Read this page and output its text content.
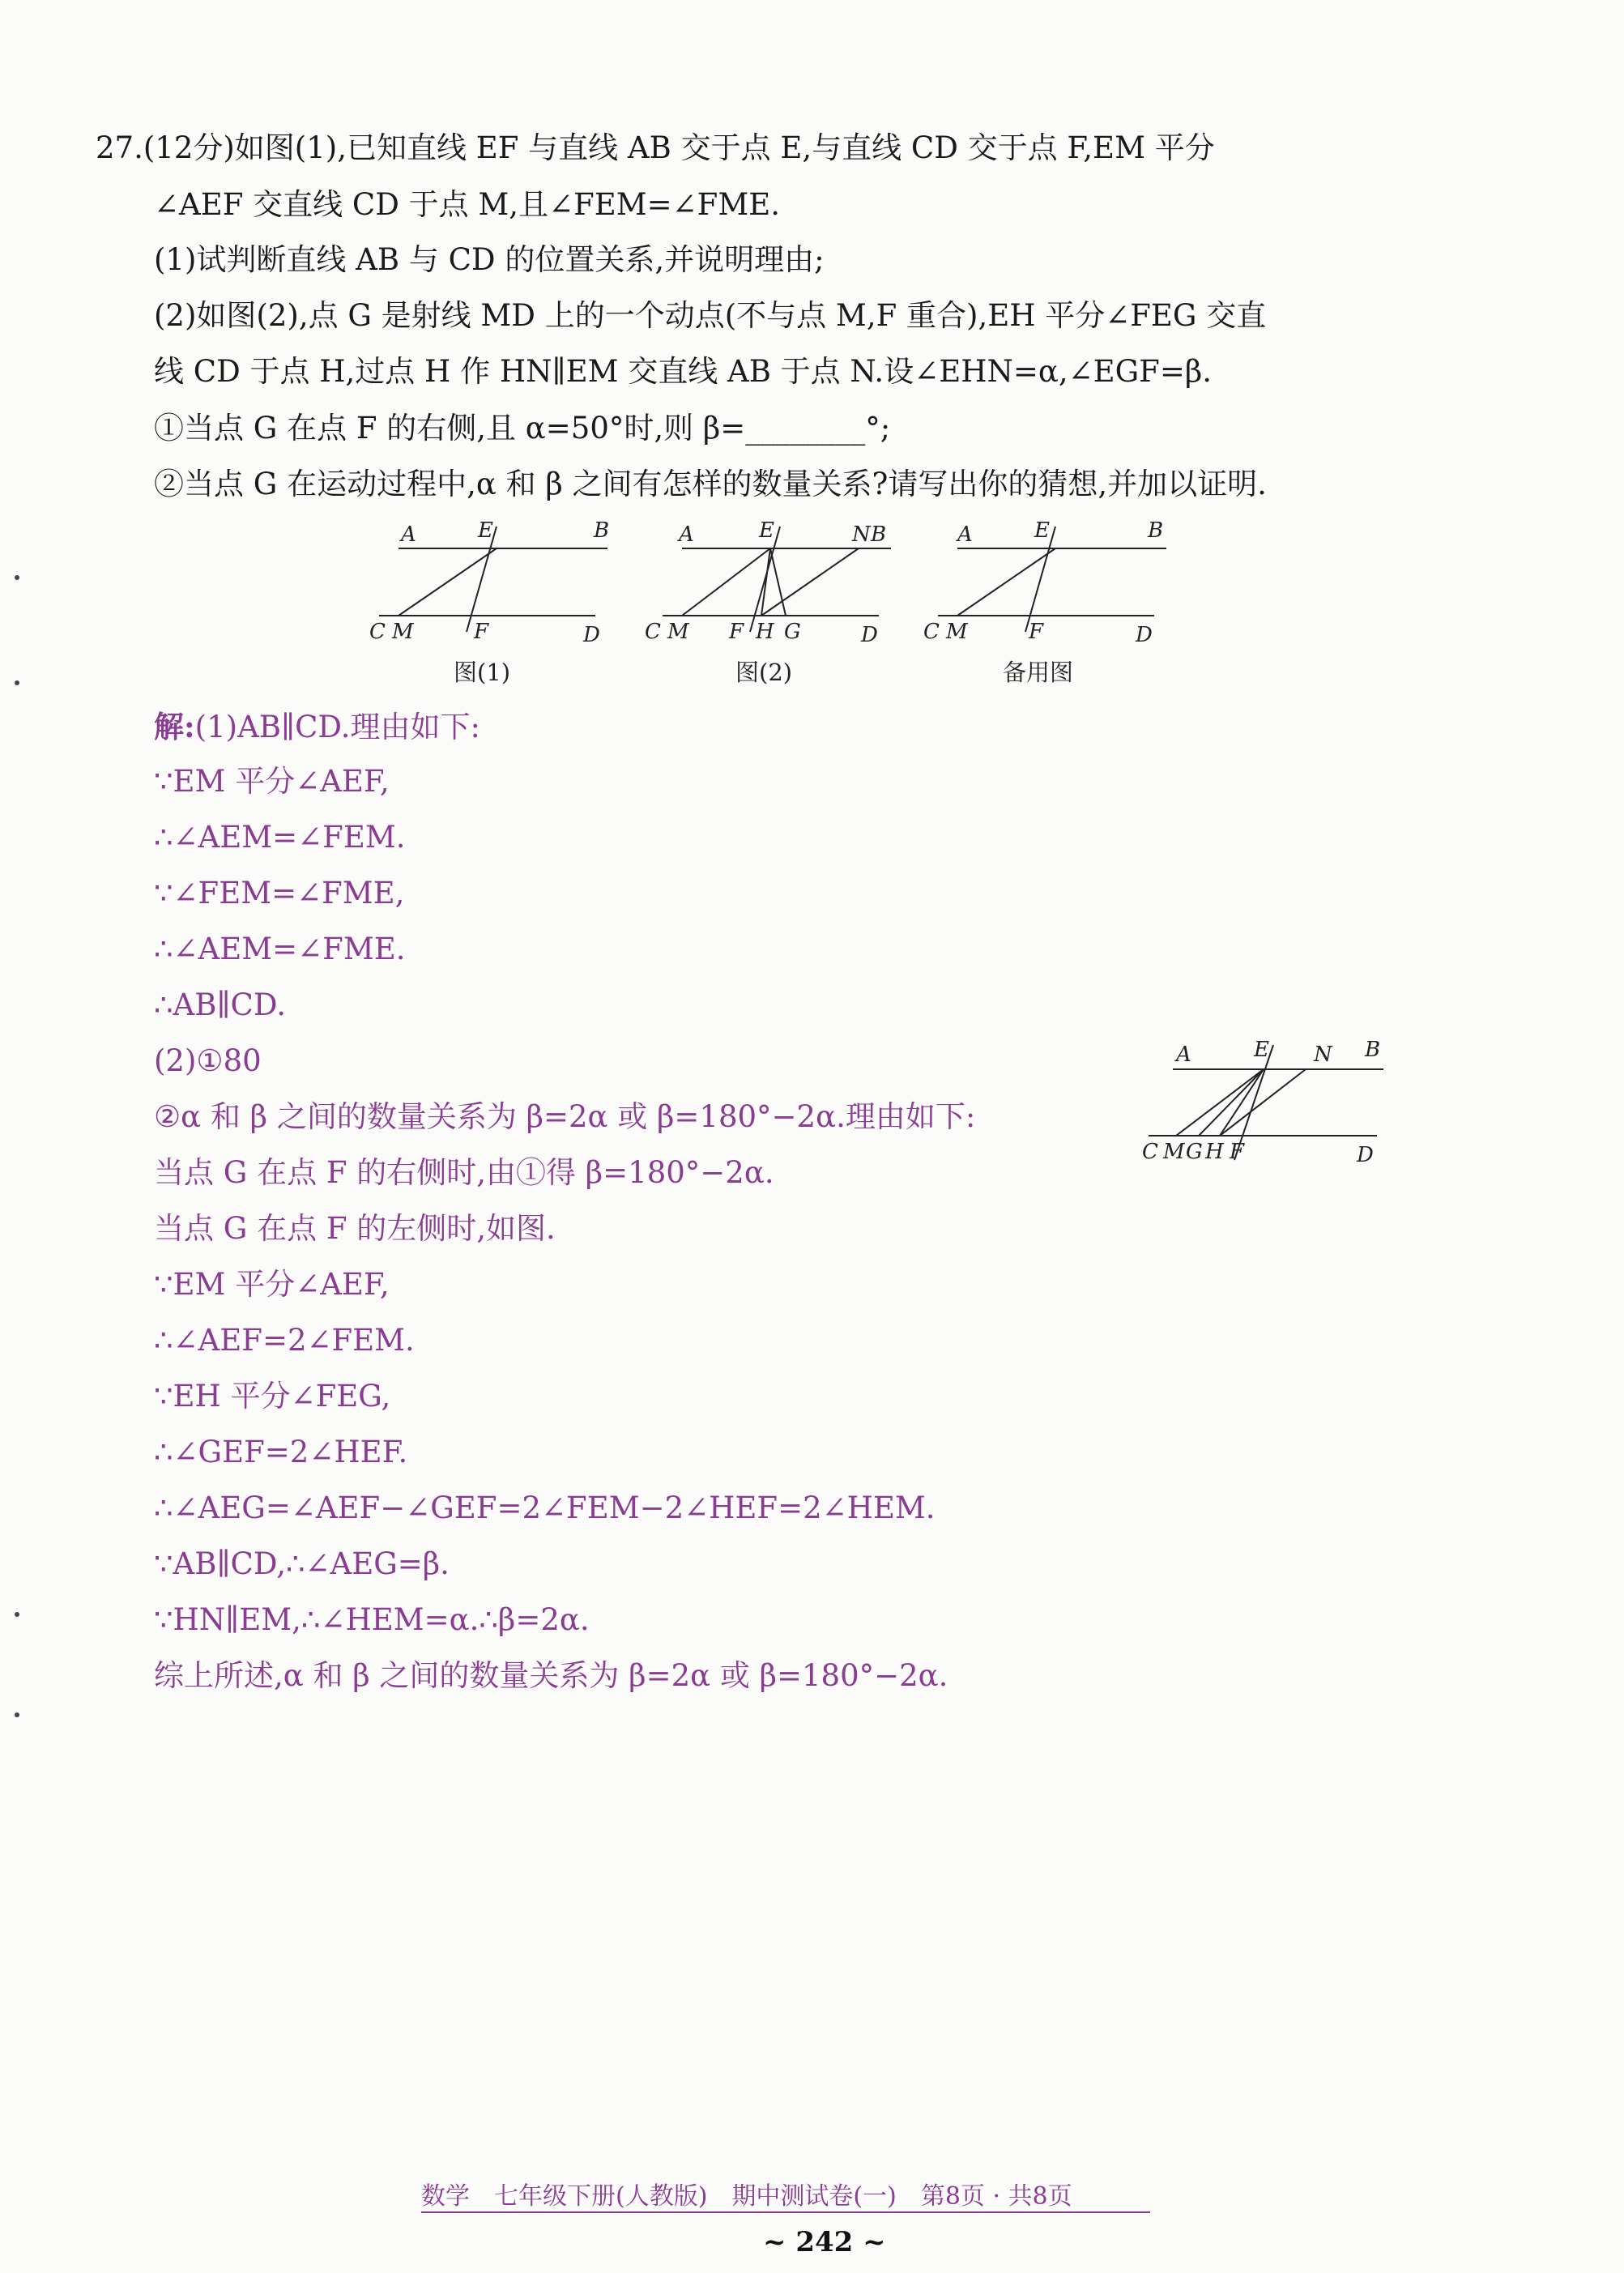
27.(12分)如图(1),已知直线 EF 与直线 AB 交于点 E,与直线 CD 交于点 F,EM 平分
∠AEF 交直线 CD 于点 M,且∠FEM=∠FME.
(1)试判断直线 AB 与 CD 的位置关系,并说明理由;
(2)如图(2),点 G 是射线 MD 上的一个动点(不与点 M,F 重合),EH 平分∠FEG 交直
线 CD 于点 H,过点 H 作 HN∥EM 交直线 AB 于点 N.设∠EHN=α,∠EGF=β.
①当点 G 在点 F 的右侧,且 α=50°时,则 β=________°;
②当点 G 在运动过程中,α 和 β 之间有怎样的数量关系?请写出你的猜想,并加以证明.
A	E	B
C M	F	D
图(1)
A	E	N B
C M F H G	D
图(2)
A	E	B
C M	F	D
备用图
解:(1)AB∥CD.理由如下:
∵EM 平分∠AEF,
∴∠AEM=∠FEM.
∵∠FEM=∠FME,
∴∠AEM=∠FME.
∴AB∥CD.
(2)①80
②α 和 β 之间的数量关系为 β=2α 或 β=180°−2α.理由如下:
当点 G 在点 F 的右侧时,由①得 β=180°−2α.
当点 G 在点 F 的左侧时,如图.
∵EM 平分∠AEF,
∴∠AEF=2∠FEM.
∵EH 平分∠FEG,
∴∠GEF=2∠HEF.
∴∠AEG=∠AEF−∠GEF=2∠FEM−2∠HEF=2∠HEM.
∵AB∥CD,∴∠AEG=β.
∵HN∥EM,∴∠HEM=α.∴β=2α.
综上所述,α 和 β 之间的数量关系为 β=2α 或 β=180°−2α.
A	E N B
C M G H F	D
数学　七年级下册(人教版)　期中测试卷(一)　第8页 · 共8页
~ 242 ~
